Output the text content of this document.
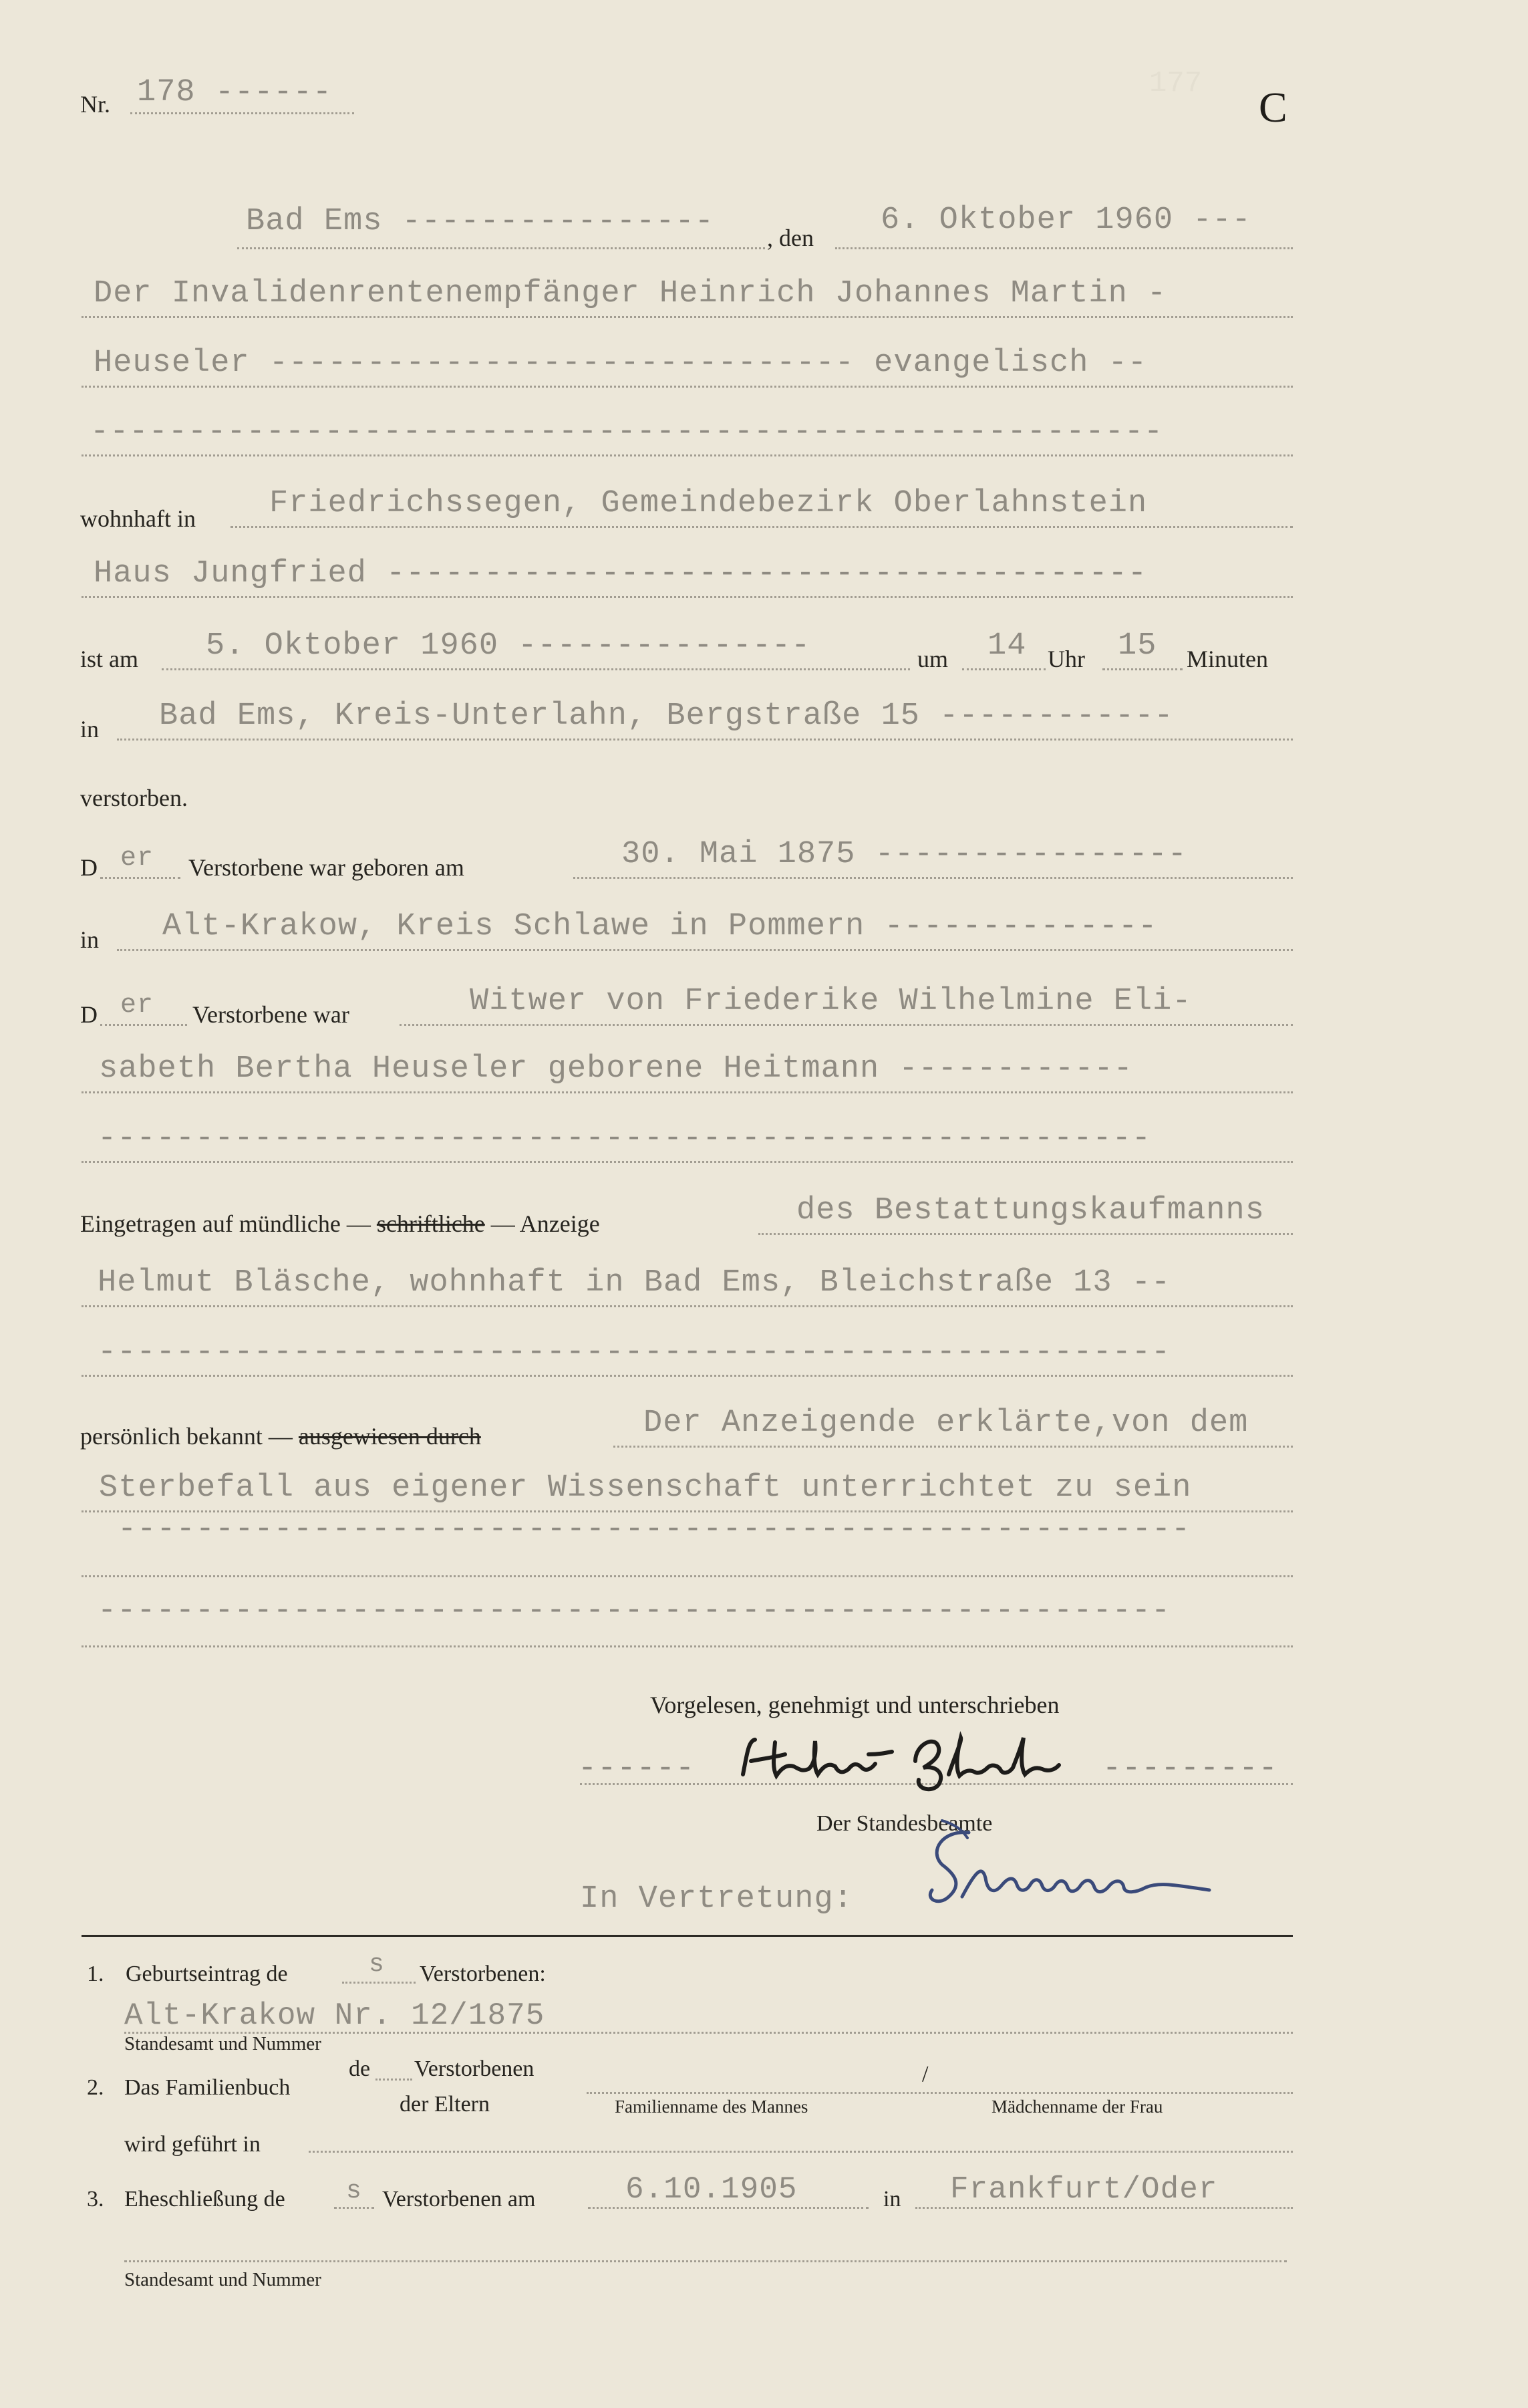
177
Nr. 178 ------	C
Bad Ems ---------------- , den 6. Oktober 1960 ---
Der Invalidenrentenempfänger Heinrich Johannes Martin -
Heuseler ------------------------------ evangelisch --
-------------------------------------------------------
wohnhaft in Friedrichssegen, Gemeindebezirk Oberlahnstein
Haus Jungfried ---------------------------------------
ist am 5. Oktober 1960 ---------------	um 14 Uhr 15 Minuten
in Bad Ems, Kreis-Unterlahn, Bergstraße 15 ------------
verstorben.
D er Verstorbene war geboren am	30. Mai 1875 ----------------
in Alt-Krakow, Kreis Schlawe in Pommern --------------
D er Verstorbene war	Witwer von Friederike Wilhelmine Eli-
sabeth Bertha Heuseler geborene Heitmann ------------
------------------------------------------------------
Eingetragen auf mündliche — schriftliche — Anzeige	des Bestattungskaufmanns
Helmut Bläsche, wohnhaft in Bad Ems, Bleichstraße 13 --
-------------------------------------------------------
persönlich bekannt — ausgewiesen durch	Der Anzeigende erklärte,von dem
Sterbefall aus eigener Wissenschaft unterrichtet zu sein
-------------------------------------------------------
-------------------------------------------------------
Vorgelesen, genehmigt und unterschrieben
------	---------
Der Standesbeamte
In Vertretung:
1. Geburtseintrag de	s Verstorbenen:
Alt-Krakow Nr. 12/1875
Standesamt und Nummer
2. Das Familienbuch
de Verstorbenen
der Eltern
/
Familienname des Mannes	Mädchenname der Frau
wird geführt in
3. Eheschließung de s Verstorbenen am	6.10.1905	in Frankfurt/Oder
Standesamt und Nummer
